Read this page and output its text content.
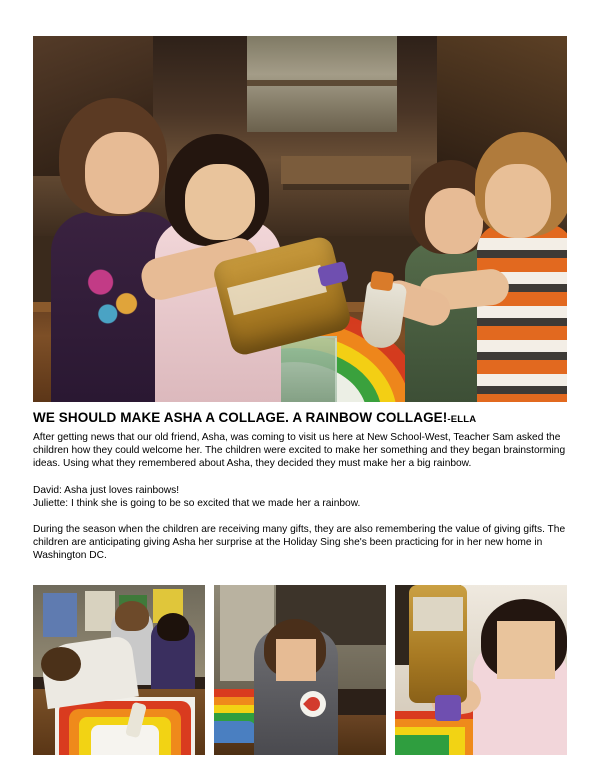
WE SHOULD MAKE ASHA A COLLAGE. A RAINBOW COLLAGE!-ELLA

After getting news that our old friend, Asha, was coming to visit us here at New School-West, Teacher Sam asked the children how they could welcome her. The children were excited to make her something and they began brainstorming ideas. Using what they remembered about Asha, they decided they must make her a big rainbow.

David: Asha just loves rainbows!

Juliette: I think she is going to be so excited that we made her a rainbow.

During the season when the children are receiving many gifts, they are also remembering the value of giving gifts. The children are anticipating giving Asha her surprise at the Holiday Sing she's been practicing for in her new home in Washington DC.
